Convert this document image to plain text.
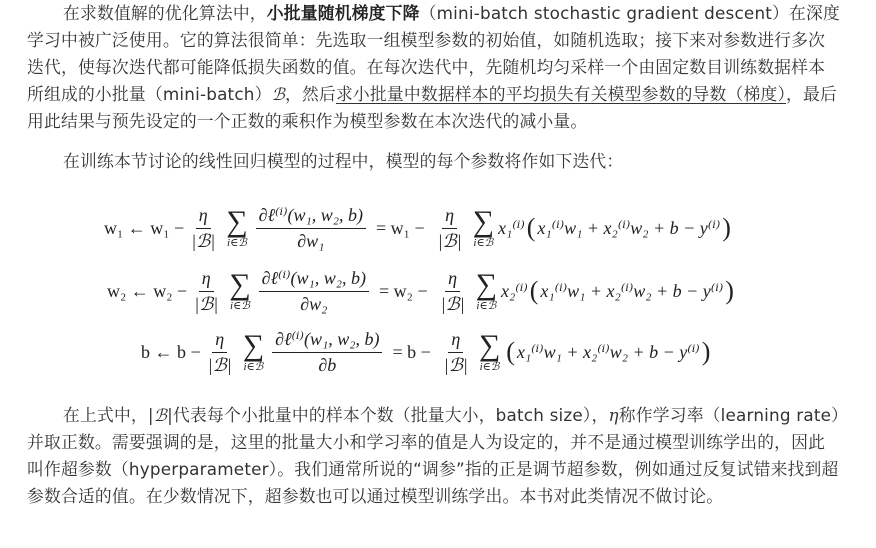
在求数值解的优化算法中，小批量随机梯度下降（mini-batch stochastic gradient descent）在深度学习中被广泛使用。它的算法很简单：先选取一组模型参数的初始值，如随机选取；接下来对参数进行多次迭代，使每次迭代都可能降低损失函数的值。在每次迭代中，先随机均匀采样一个由固定数目训练数据样本所组成的小批量（mini-batch）ℬ，然后求小批量中数据样本的平均损失有关模型参数的导数（梯度），最后用此结果与预先设定的一个正数的乘积作为模型参数在本次迭代的减小量。
在训练本节讨论的线性回归模型的过程中，模型的每个参数将作如下迭代：
w₁ ← $w_1 - \frac{\eta}{\text{|ℬ|}}$ ∑
i∈ℬ $\frac{\text{∂ℓ⁽ⁱ⁾(w₁, w₂, b)}}{\text{∂w₁}} = w_1 - \frac{\eta}{\text{|ℬ|}}$ ∑
i∈ℬ
x₁⁽ⁱ⁾ ( x₁⁽ⁱ⁾w₁ + x₂⁽ⁱ⁾w₂ + b − y⁽ⁱ⁾ )
w₂ ← $w_2 - \frac{\eta}{\text{|ℬ|}}$ ∑
i∈ℬ $\frac{\text{∂ℓ⁽ⁱ⁾(w₁, w₂, b)}}{\text{∂w₂}} = w_2 - \frac{\eta}{\text{|ℬ|}}$ ∑
i∈ℬ
x₂⁽ⁱ⁾ ( x₁⁽ⁱ⁾w₁ + x₂⁽ⁱ⁾w₂ + b − y⁽ⁱ⁾ )
b ← $b - \frac{\eta}{\text{|ℬ|}}$ ∑
i∈ℬ $\frac{\text{∂ℓ⁽ⁱ⁾(w₁, w₂, b)}}{\partial b} = b - \frac{\eta}{\text{|ℬ|}}$ ∑
i∈ℬ
( x₁⁽ⁱ⁾w₁ + x₂⁽ⁱ⁾w₂ + b − y⁽ⁱ⁾ )
在上式中，|ℬ|代表每个小批量中的样本个数（批量大小，batch size），η称作学习率（learning rate）并取正数。需要强调的是，这里的批量大小和学习率的值是人为设定的，并不是通过模型训练学出的，因此叫作超参数（hyperparameter）。我们通常所说的“调参”指的正是调节超参数，例如通过反复试错来找到超参数合适的值。在少数情况下，超参数也可以通过模型训练学出。本书对此类情况不做讨论。
